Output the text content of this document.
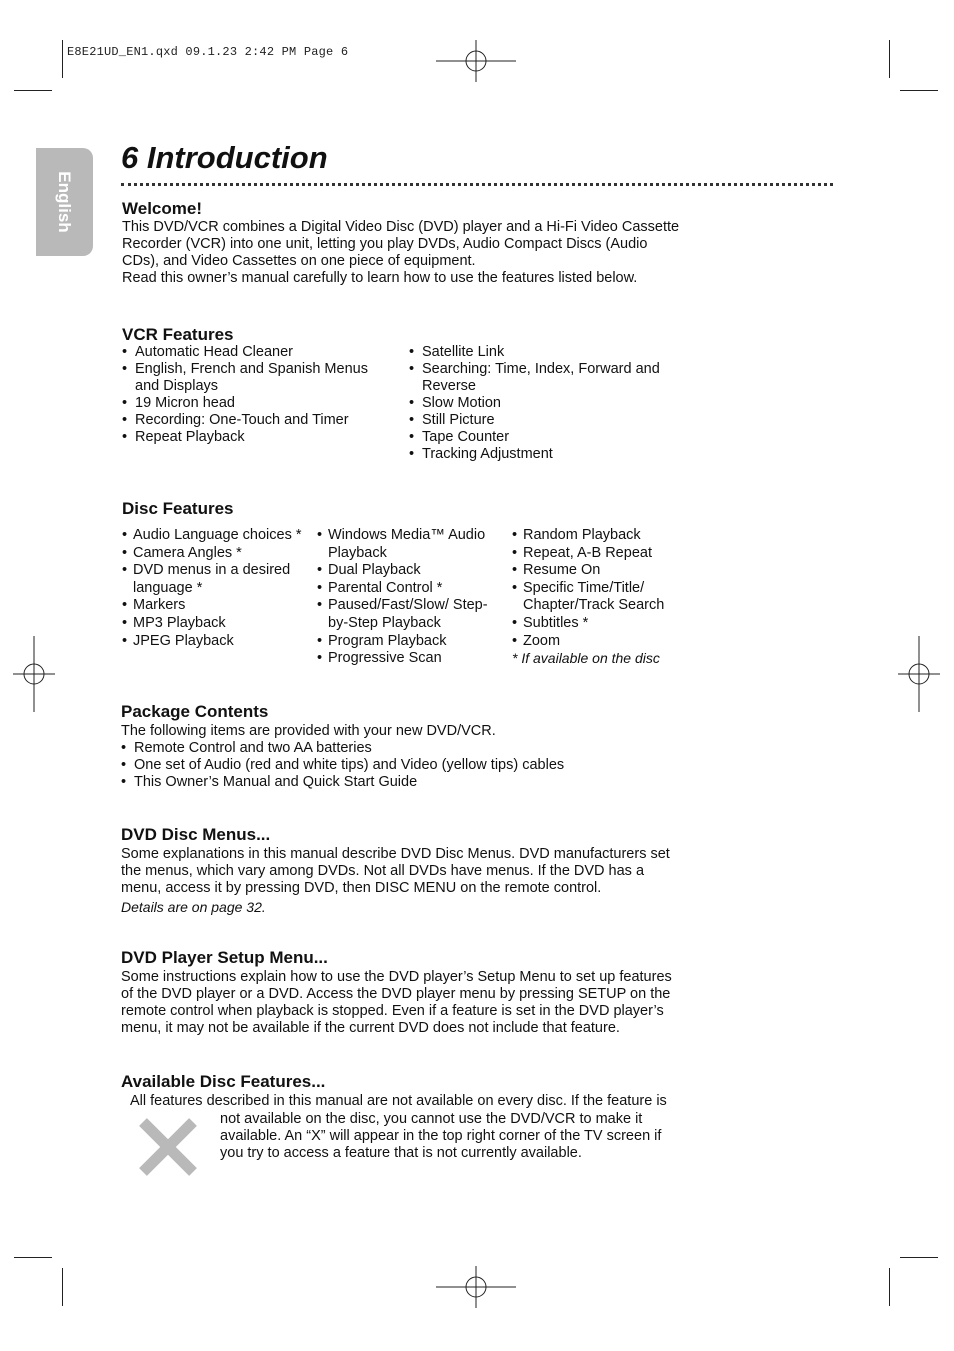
E8E21UD_EN1.qxd 09.1.23 2:42 PM Page 6
English
6 Introduction
Welcome!
This DVD/VCR combines a Digital Video Disc (DVD) player and a Hi-Fi Video Cassette
Recorder (VCR) into one unit, letting you play DVDs, Audio Compact Discs (Audio
CDs), and Video Cassettes on one piece of equipment.
Read this owner’s manual carefully to learn how to use the features listed below.
VCR Features
• Automatic Head Cleaner
• English, French and Spanish Menus and Displays
• 19 Micron head
• Recording: One-Touch and Timer
• Repeat Playback
• Satellite Link
• Searching: Time, Index, Forward and Reverse
• Slow Motion
• Still Picture
• Tape Counter
• Tracking Adjustment
Disc Features
• Audio Language choices *
• Camera Angles *
• DVD menus in a desired language *
• Markers
• MP3 Playback
• JPEG Playback
• Windows Media™ Audio Playback
• Dual Playback
• Parental Control *
• Paused/Fast/Slow/ Step-by-Step Playback
• Program Playback
• Progressive Scan
• Random Playback
• Repeat, A-B Repeat
• Resume On
• Specific Time/Title/ Chapter/Track Search
• Subtitles *
• Zoom
* If available on the disc
Package Contents
The following items are provided with your new DVD/VCR.
• Remote Control and two AA batteries
• One set of Audio (red and white tips) and Video (yellow tips) cables
• This Owner’s Manual and Quick Start Guide
DVD Disc Menus...
Some explanations in this manual describe DVD Disc Menus. DVD manufacturers set
the menus, which vary among DVDs. Not all DVDs have menus. If the DVD has a
menu, access it by pressing DVD, then DISC MENU on the remote control.
Details are on page 32.
DVD Player Setup Menu...
Some instructions explain how to use the DVD player’s Setup Menu to set up features
of the DVD player or a DVD. Access the DVD player menu by pressing SETUP on the
remote control when playback is stopped. Even if a feature is set in the DVD player’s
menu, it may not be available if the current DVD does not include that feature.
Available Disc Features...
All features described in this manual are not available on every disc. If the feature is
not available on the disc, you cannot use the DVD/VCR to make it
available. An “X” will appear in the top right corner of the TV screen if
you try to access a feature that is not currently available.
